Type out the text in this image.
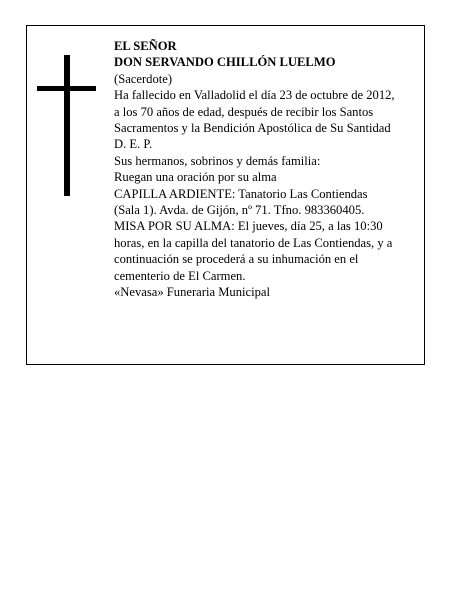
EL SEÑOR

DON SERVANDO CHILLÓN LUELMO

(Sacerdote)

Ha fallecido en Valladolid el día 23 de octubre de 2012,

a los 70 años de edad, después de recibir los Santos

Sacramentos y la Bendición Apostólica de Su Santidad

D. E. P.

Sus hermanos, sobrinos y demás familia:

Ruegan una oración por su alma

CAPILLA ARDIENTE: Tanatorio Las Contiendas

(Sala 1). Avda. de Gijón, nº 71. Tfno. 983360405.

MISA POR SU ALMA: El jueves, día 25, a las 10:30

horas, en la capilla del tanatorio de Las Contiendas, y a

continuación se procederá a su inhumación en el

cementerio de El Carmen.

«Nevasa» Funeraria Municipal
